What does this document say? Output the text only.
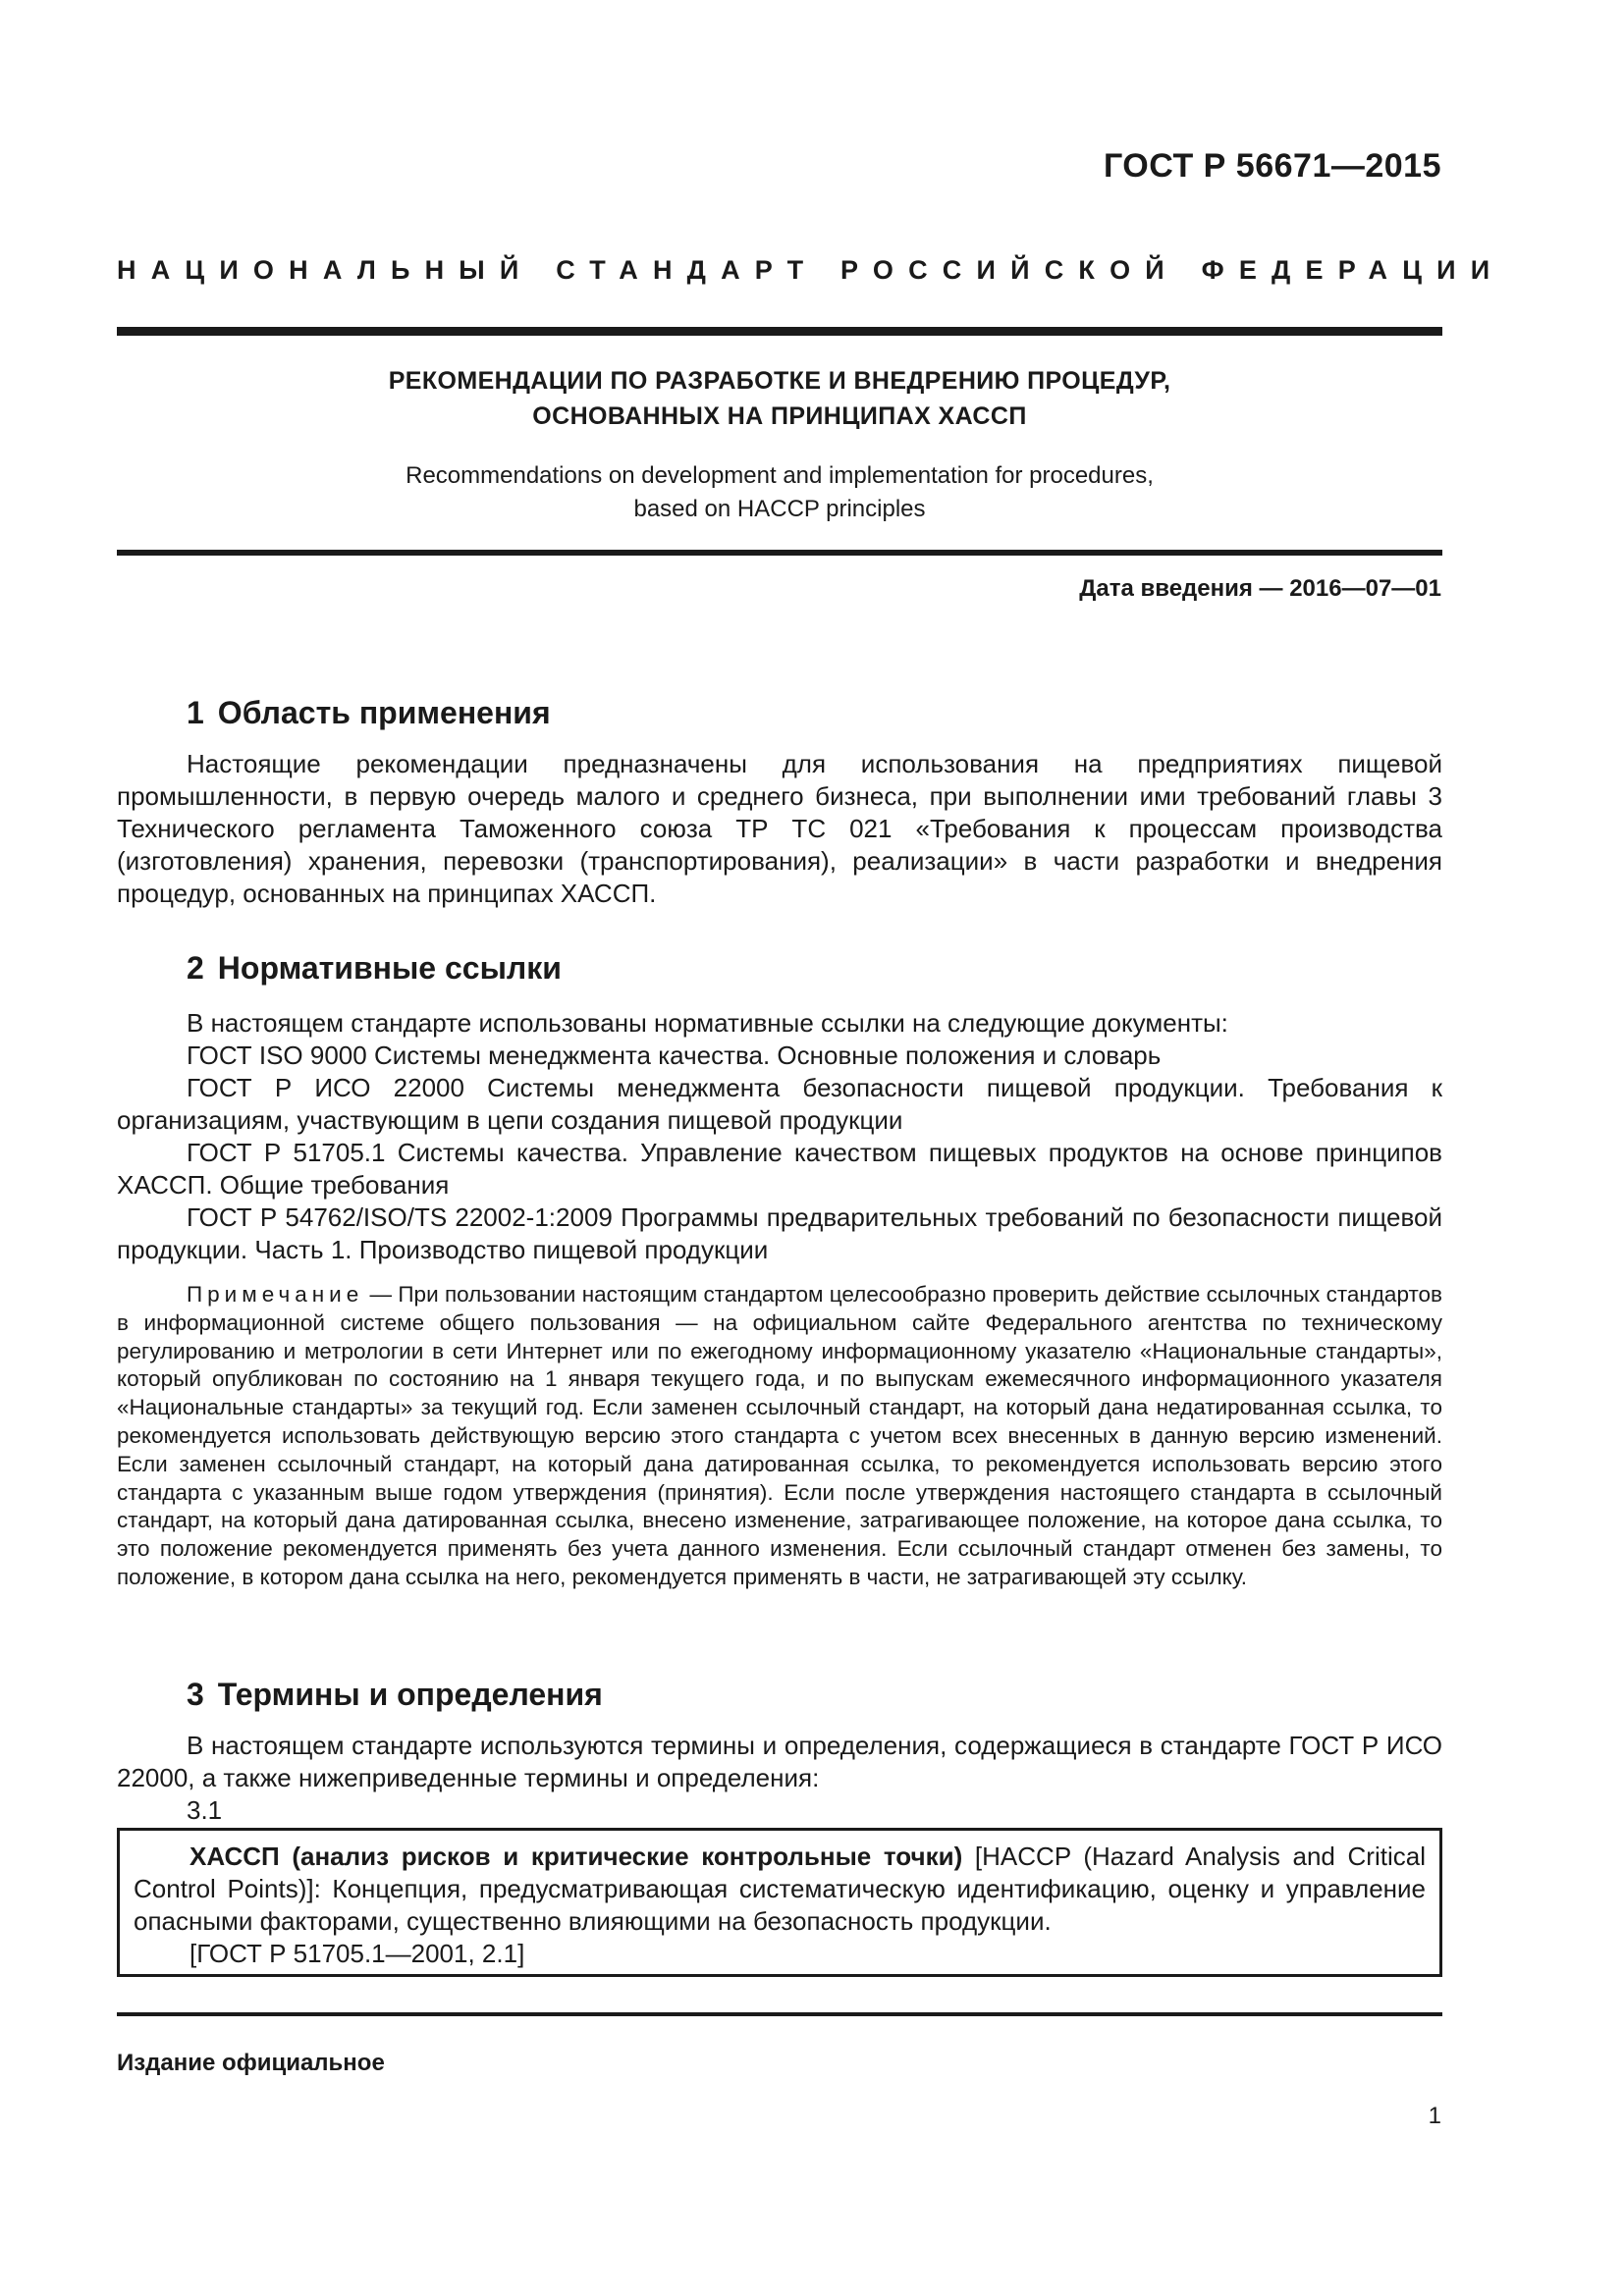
ГОСТ Р 56671—2015
НАЦИОНАЛЬНЫЙ СТАНДАРТ РОССИЙСКОЙ ФЕДЕРАЦИИ
РЕКОМЕНДАЦИИ ПО РАЗРАБОТКЕ И ВНЕДРЕНИЮ ПРОЦЕДУР,
ОСНОВАННЫХ НА ПРИНЦИПАХ ХАССП
Recommendations on development and implementation for procedures,
based on HACCP principles
Дата введения — 2016—07—01
1 Область применения
Настоящие рекомендации предназначены для использования на предприятиях пищевой промышленности, в первую очередь малого и среднего бизнеса, при выполнении ими требований главы 3 Технического регламента Таможенного союза ТР ТС 021 «Требования к процессам производства (изготовления) хранения, перевозки (транспортирования), реализации» в части разработки и внедрения процедур, основанных на принципах ХАССП.
2 Нормативные ссылки
В настоящем стандарте использованы нормативные ссылки на следующие документы:
ГОСТ ISO 9000 Системы менеджмента качества. Основные положения и словарь
ГОСТ Р ИСО 22000 Системы менеджмента безопасности пищевой продукции. Требования к организациям, участвующим в цепи создания пищевой продукции
ГОСТ Р 51705.1 Системы качества. Управление качеством пищевых продуктов на основе принципов ХАССП. Общие требования
ГОСТ Р 54762/ISO/TS 22002-1:2009 Программы предварительных требований по безопасности пищевой продукции. Часть 1. Производство пищевой продукции
Примечание — При пользовании настоящим стандартом целесообразно проверить действие ссылочных стандартов в информационной системе общего пользования — на официальном сайте Федерального агентства по техническому регулированию и метрологии в сети Интернет или по ежегодному информационному указателю «Национальные стандарты», который опубликован по состоянию на 1 января текущего года, и по выпускам ежемесячного информационного указателя «Национальные стандарты» за текущий год. Если заменен ссылочный стандарт, на который дана недатированная ссылка, то рекомендуется использовать действующую версию этого стандарта с учетом всех внесенных в данную версию изменений. Если заменен ссылочный стандарт, на который дана датированная ссылка, то рекомендуется использовать версию этого стандарта с указанным выше годом утверждения (принятия). Если после утверждения настоящего стандарта в ссылочный стандарт, на который дана датированная ссылка, внесено изменение, затрагивающее положение, на которое дана ссылка, то это положение рекомендуется применять без учета данного изменения. Если ссылочный стандарт отменен без замены, то положение, в котором дана ссылка на него, рекомендуется применять в части, не затрагивающей эту ссылку.
3 Термины и определения
В настоящем стандарте используются термины и определения, содержащиеся в стандарте ГОСТ Р ИСО 22000, а также нижеприведенные термины и определения:
3.1
ХАССП (анализ рисков и критические контрольные точки) [HACCP (Hazard Analysis and Critical Control Points)]: Концепция, предусматривающая систематическую идентификацию, оценку и управление опасными факторами, существенно влияющими на безопасность продукции.
[ГОСТ Р 51705.1—2001, 2.1]
Издание официальное
1
